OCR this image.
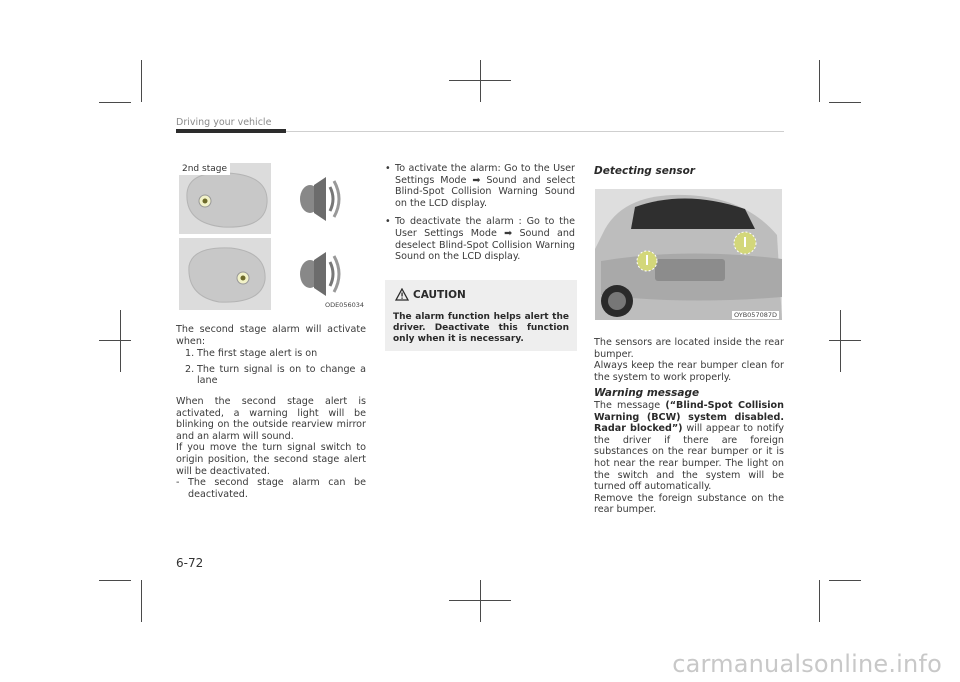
Driving your vehicle
2nd stage
ODE056034

The second stage alarm will activate when:

1. The first stage alert is on
2. The turn signal is on to change a lane

When the second stage alert is activated, a warning light will be blinking on the outside rearview mirror and an alarm will sound.

If you move the turn signal switch to origin position, the second stage alert will be deactivated.

- The second stage alarm can be deactivated.
• To activate the alarm: Go to the User Settings Mode ➡ Sound and select Blind-Spot Collision Warning Sound on the LCD display.
• To deactivate the alarm : Go to the User Settings Mode ➡ Sound and deselect Blind-Spot Collision Warning Sound on the LCD display.
CAUTION
The alarm function helps alert the driver. Deactivate this function only when it is necessary.
Detecting sensor
OYB057087D

The sensors are located inside the rear bumper.

Always keep the rear bumper clean for the system to work properly.

Warning message

The message (“Blind-Spot Collision Warning (BCW) system disabled. Radar blocked”) will appear to notify the driver if there are foreign substances on the rear bumper or it is hot near the rear bumper. The light on the switch and the system will be turned off automatically.

Remove the foreign substance on the rear bumper.

6-72
carmanualsonline.info
